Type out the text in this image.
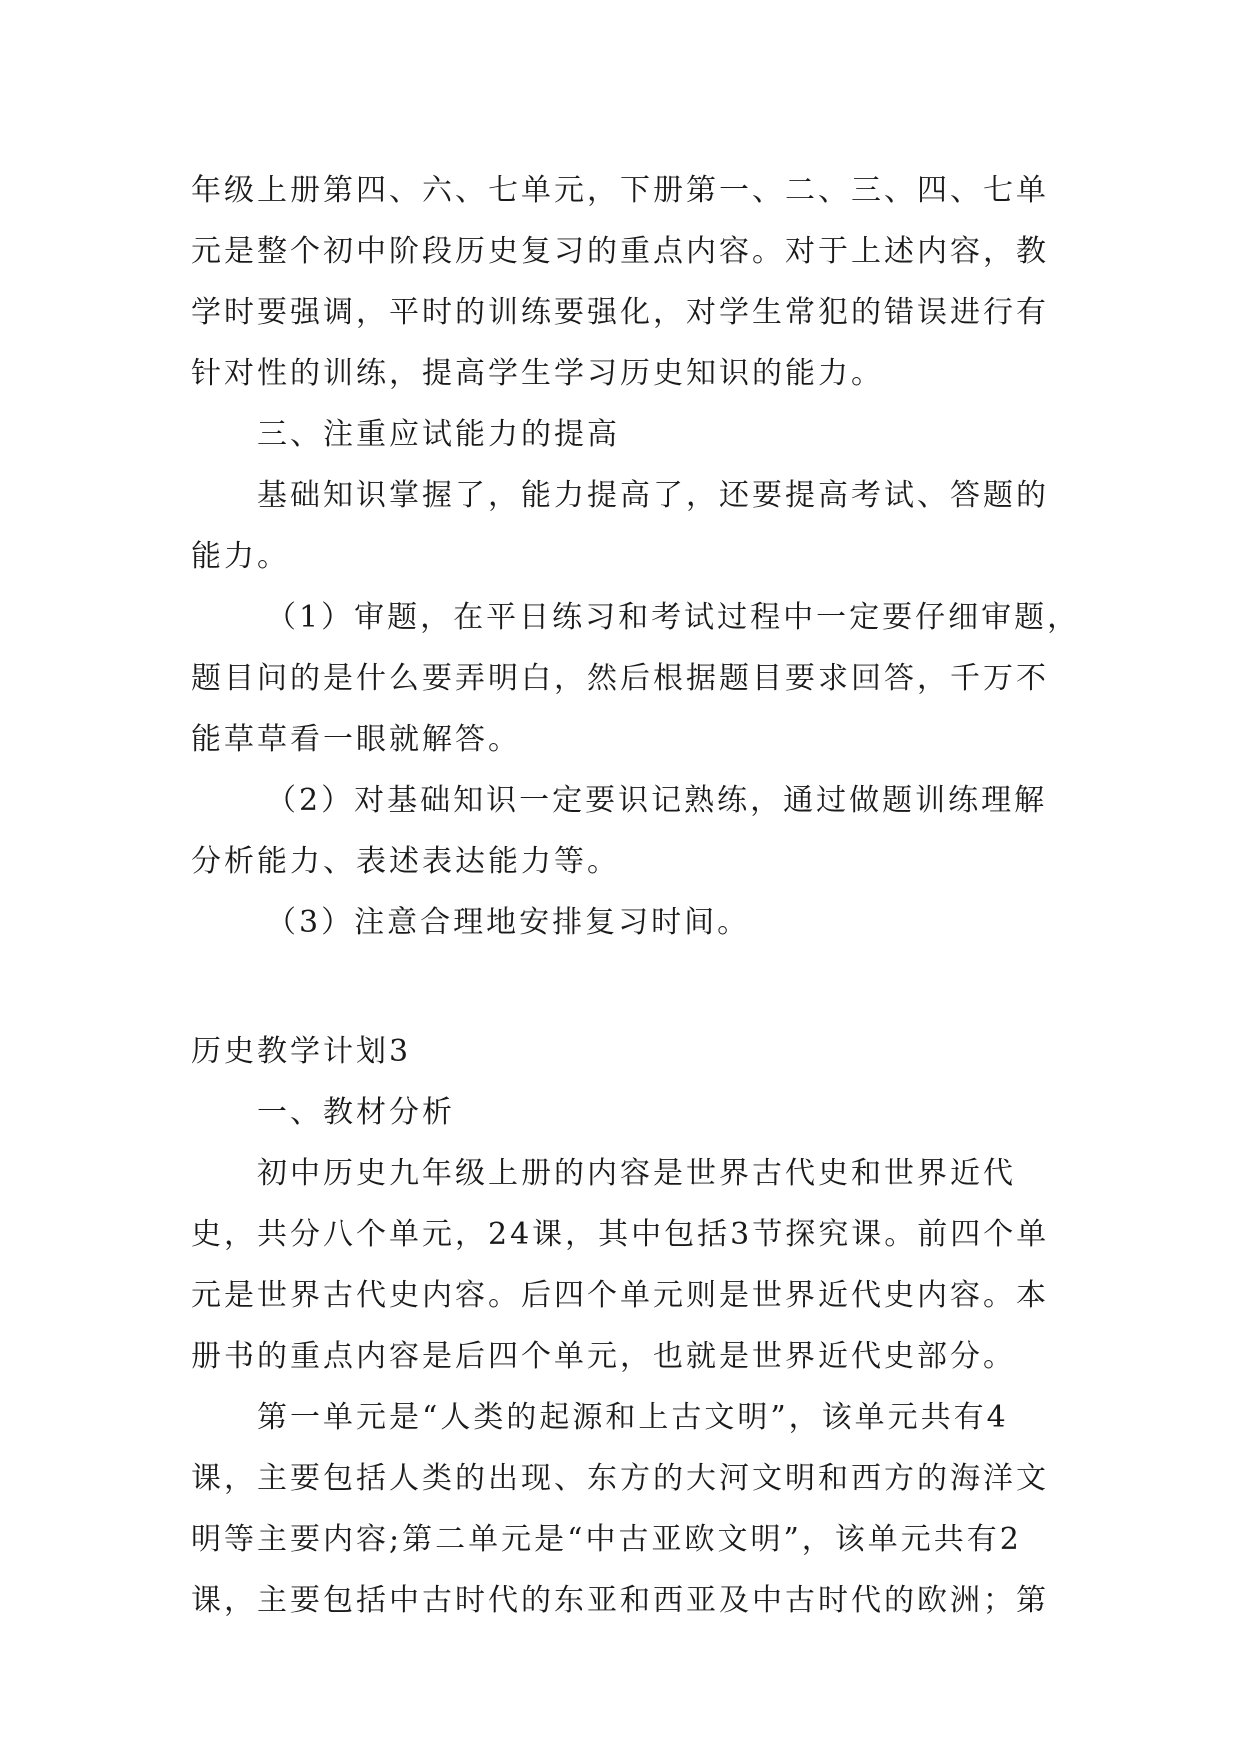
年级上册第四、六、七单元，下册第一、二、三、四、七单
元是整个初中阶段历史复习的重点内容。对于上述内容，教
学时要强调，平时的训练要强化，对学生常犯的错误进行有
针对性的训练，提高学生学习历史知识的能力。
三、注重应试能力的提高
基础知识掌握了，能力提高了，还要提高考试、答题的
能力。
（1）审题，在平日练习和考试过程中一定要仔细审题，
题目问的是什么要弄明白，然后根据题目要求回答，千万不
能草草看一眼就解答。
（2）对基础知识一定要识记熟练，通过做题训练理解
分析能力、表述表达能力等。
（3）注意合理地安排复习时间。
历史教学计划3
一、教材分析
初中历史九年级上册的内容是世界古代史和世界近代
史，共分八个单元，24课，其中包括3节探究课。前四个单
元是世界古代史内容。后四个单元则是世界近代史内容。本
册书的重点内容是后四个单元，也就是世界近代史部分。
第一单元是“人类的起源和上古文明”，该单元共有4
课，主要包括人类的出现、东方的大河文明和西方的海洋文
明等主要内容;第二单元是“中古亚欧文明”，该单元共有2
课，主要包括中古时代的东亚和西亚及中古时代的欧洲；第
